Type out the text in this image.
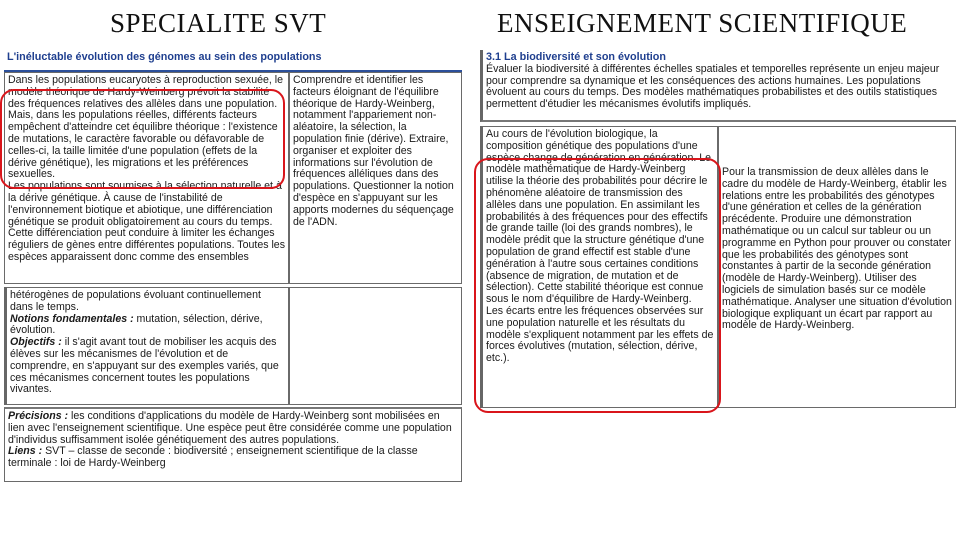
SPECIALITE SVT	ENSEIGNEMENT SCIENTIFIQUE
L'inéluctable évolution des génomes au sein des populations

Dans les populations eucaryotes à reproduction sexuée, le modèle théorique de Hardy-Weinberg prévoit la stabilité des fréquences relatives des allèles dans une population. Mais, dans les populations réelles, différents facteurs empêchent d'atteindre cet équilibre théorique : l'existence de mutations, le caractère favorable ou défavorable de celles-ci, la taille limitée d'une population (effets de la dérive génétique), les migrations et les préférences sexuelles.

Les populations sont soumises à la sélection naturelle et à la dérive génétique. À cause de l'instabilité de l'environnement biotique et abiotique, une différenciation génétique se produit obligatoirement au cours du temps. Cette différenciation peut conduire à limiter les échanges réguliers de gènes entre différentes populations. Toutes les espèces apparaissent donc comme des ensembles

Comprendre et identifier les facteurs éloignant de l'équilibre théorique de Hardy-Weinberg, notamment l'appariement non-aléatoire, la sélection, la population finie (dérive). Extraire, organiser et exploiter des informations sur l'évolution de fréquences alléliques dans des populations. Questionner la notion d'espèce en s'appuyant sur les apports modernes du séquençage de l'ADN.

hétérogènes de populations évoluant continuellement dans le temps.

Notions fondamentales : mutation, sélection, dérive, évolution.

Objectifs : il s'agit avant tout de mobiliser les acquis des élèves sur les mécanismes de l'évolution et de comprendre, en s'appuyant sur des exemples variés, que ces mécanismes concernent toutes les populations vivantes.

Précisions : les conditions d'applications du modèle de Hardy-Weinberg sont mobilisées en lien avec l'enseignement scientifique. Une espèce peut être considérée comme une population d'individus suffisamment isolée génétiquement des autres populations.

Liens : SVT – classe de seconde : biodiversité ; enseignement scientifique de la classe terminale : loi de Hardy-Weinberg

3.1 La biodiversité et son évolution

Évaluer la biodiversité à différentes échelles spatiales et temporelles représente un enjeu majeur pour comprendre sa dynamique et les conséquences des actions humaines. Les populations évoluent au cours du temps. Des modèles mathématiques probabilistes et des outils statistiques permettent d'étudier les mécanismes évolutifs impliqués.

Au cours de l'évolution biologique, la composition génétique des populations d'une espèce change de génération en génération. Le modèle mathématique de Hardy-Weinberg utilise la théorie des probabilités pour décrire le phénomène aléatoire de transmission des allèles dans une population. En assimilant les probabilités à des fréquences pour des effectifs de grande taille (loi des grands nombres), le modèle prédit que la structure génétique d'une population de grand effectif est stable d'une génération à l'autre sous certaines conditions (absence de migration, de mutation et de sélection). Cette stabilité théorique est connue sous le nom d'équilibre de Hardy-Weinberg.

Les écarts entre les fréquences observées sur une population naturelle et les résultats du modèle s'expliquent notamment par les effets de forces évolutives (mutation, sélection, dérive, etc.).

Pour la transmission de deux allèles dans le cadre du modèle de Hardy-Weinberg, établir les relations entre les probabilités des génotypes d'une génération et celles de la génération précédente. Produire une démonstration mathématique ou un calcul sur tableur ou un programme en Python pour prouver ou constater que les probabilités des génotypes sont constantes à partir de la seconde génération (modèle de Hardy-Weinberg). Utiliser des logiciels de simulation basés sur ce modèle mathématique. Analyser une situation d'évolution biologique expliquant un écart par rapport au modèle de Hardy-Weinberg.
